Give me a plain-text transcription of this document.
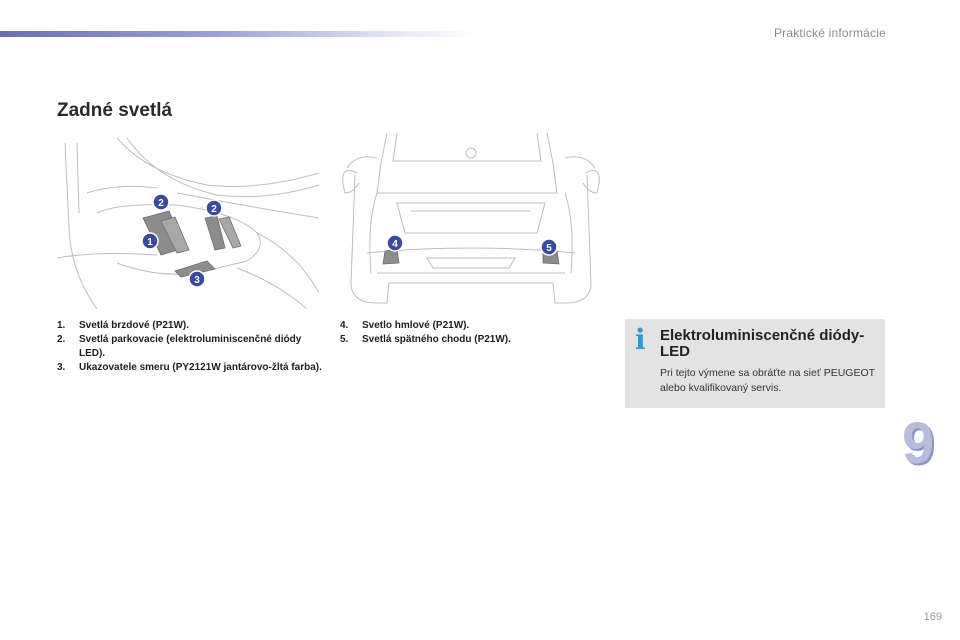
Praktické informácie
Zadné svetlá
2
2
1
3
4	5
1. Svetlá brzdové (P21W).
2. Svetlá parkovacie (elektroluminiscenčné diódy LED).
3. Ukazovatele smeru (PY2121W jantárovo-žltá farba).
4. Svetlo hmlové (P21W).
5. Svetlá spätného chodu (P21W).	i Elektroluminiscenčné diódy-LED
Pri tejto výmene sa obráťte na sieť PEUGEOT alebo kvalifikovaný servis.
9
169
